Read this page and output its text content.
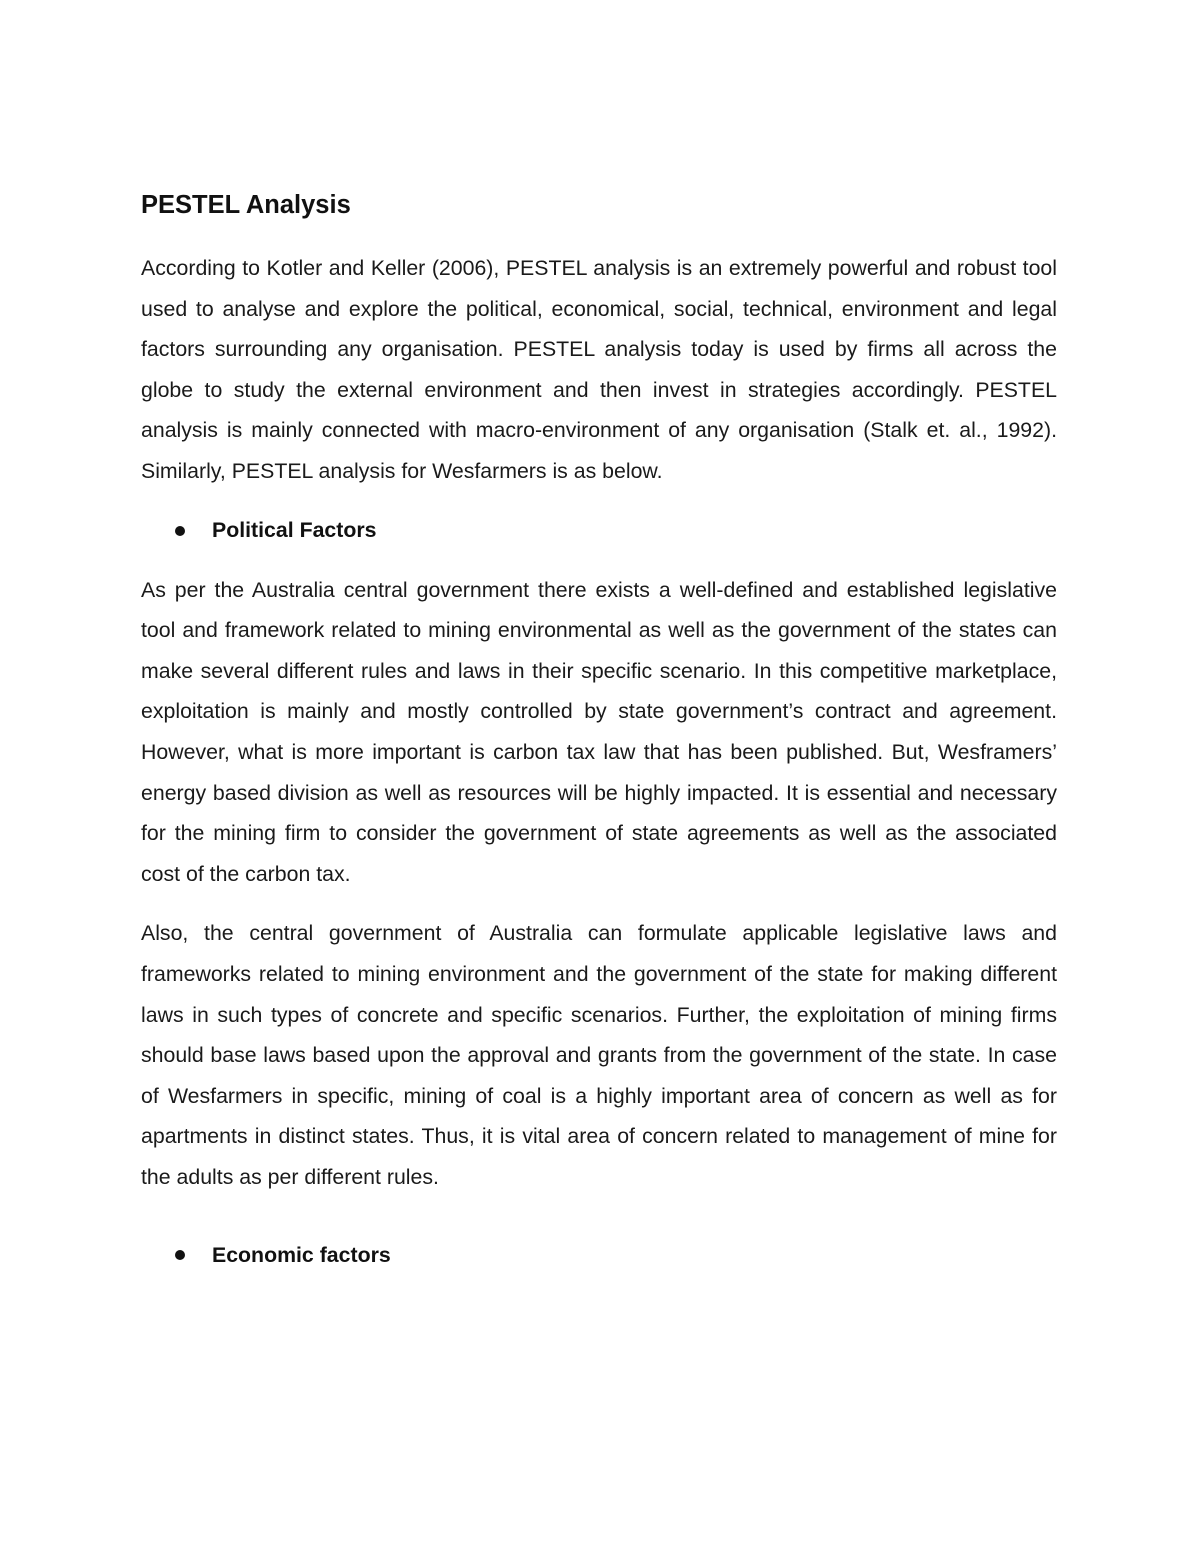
PESTEL Analysis

According to Kotler and Keller (2006), PESTEL analysis is an extremely powerful and robust tool used to analyse and explore the political, economical, social, technical, environment and legal factors surrounding any organisation. PESTEL analysis today is used by firms all across the globe to study the external environment and then invest in strategies accordingly. PESTEL analysis is mainly connected with macro-environment of any organisation (Stalk et. al., 1992). Similarly, PESTEL analysis for Wesfarmers is as below.

Political Factors

As per the Australia central government there exists a well-defined and established legislative tool and framework related to mining environmental as well as the government of the states can make several different rules and laws in their specific scenario. In this competitive marketplace, exploitation is mainly and mostly controlled by state government’s contract and agreement. However, what is more important is carbon tax law that has been published. But, Wesframers’ energy based division as well as resources will be highly impacted. It is essential and necessary for the mining firm to consider the government of state agreements as well as the associated cost of the carbon tax.

Also, the central government of Australia can formulate applicable legislative laws and frameworks related to mining environment and the government of the state for making different laws in such types of concrete and specific scenarios. Further, the exploitation of mining firms should base laws based upon the approval and grants from the government of the state. In case of Wesfarmers in specific, mining of coal is a highly important area of concern as well as for apartments in distinct states. Thus, it is vital area of concern related to management of mine for the adults as per different rules.

Economic factors
